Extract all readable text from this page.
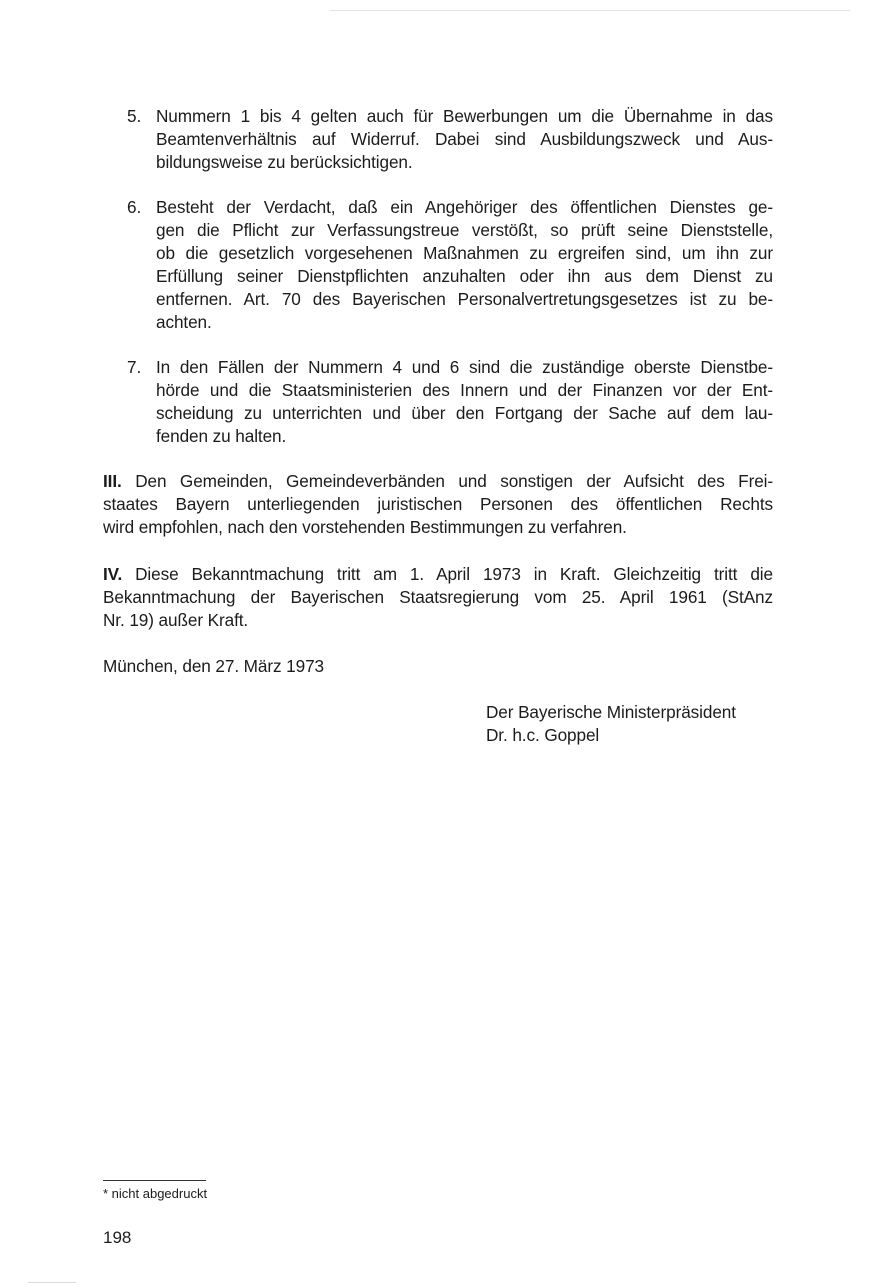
5. Nummern 1 bis 4 gelten auch für Bewerbungen um die Übernahme in das
Beamtenverhältnis auf Widerruf. Dabei sind Ausbildungszweck und Aus-
bildungsweise zu berücksichtigen.
6. Besteht der Verdacht, daß ein Angehöriger des öffentlichen Dienstes ge-
gen die Pflicht zur Verfassungstreue verstößt, so prüft seine Dienststelle,
ob die gesetzlich vorgesehenen Maßnahmen zu ergreifen sind, um ihn zur
Erfüllung seiner Dienstpflichten anzuhalten oder ihn aus dem Dienst zu
entfernen. Art. 70 des Bayerischen Personalvertretungsgesetzes ist zu be-
achten.
7. In den Fällen der Nummern 4 und 6 sind die zuständige oberste Dienstbe-
hörde und die Staatsministerien des Innern und der Finanzen vor der Ent-
scheidung zu unterrichten und über den Fortgang der Sache auf dem lau-
fenden zu halten.
III. Den Gemeinden, Gemeindeverbänden und sonstigen der Aufsicht des Frei-
staates Bayern unterliegenden juristischen Personen des öffentlichen Rechts
wird empfohlen, nach den vorstehenden Bestimmungen zu verfahren.
IV. Diese Bekanntmachung tritt am 1. April 1973 in Kraft. Gleichzeitig tritt die
Bekanntmachung der Bayerischen Staatsregierung vom 25. April 1961 (StAnz
Nr. 19) außer Kraft.
München, den 27. März 1973
Der Bayerische Ministerpräsident
Dr. h.c. Goppel
* nicht abgedruckt
198
